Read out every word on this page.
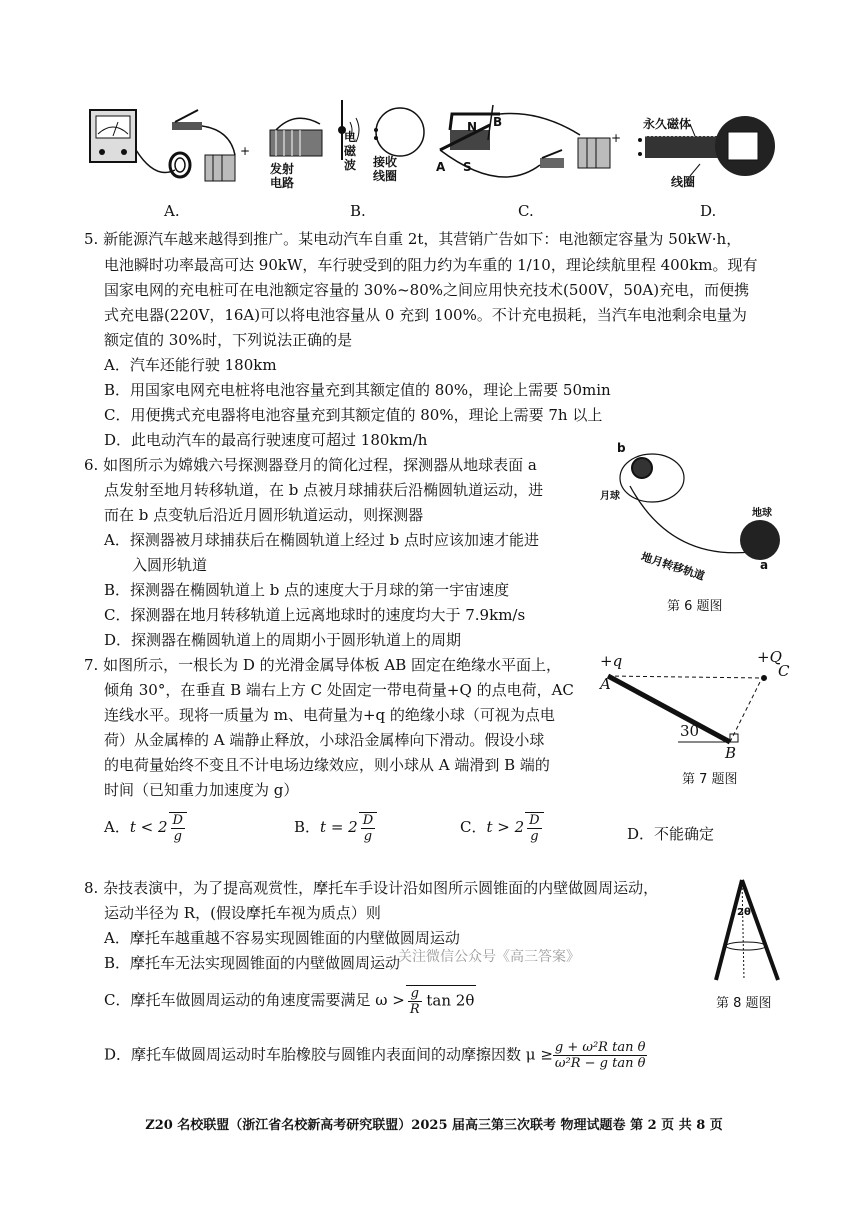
+
+
永久磁体
线圈
发射电路
电磁波 接收线圈
N B
A S
A.	B.	C.	D.
5. 新能源汽车越来越得到推广。某电动汽车自重 2t，其营销广告如下：电池额定容量为 50kW·h，
电池瞬时功率最高可达 90kW，车行驶受到的阻力约为车重的 1/10，理论续航里程 400km。现有
国家电网的充电桩可在电池额定容量的 30%~80%之间应用快充技术(500V，50A)充电，而便携
式充电器(220V，16A)可以将电池容量从 0 充到 100%。不计充电损耗，当汽车电池剩余电量为
额定值的 30%时，下列说法正确的是
A．汽车还能行驶 180km
B．用国家电网充电桩将电池容量充到其额定值的 80%，理论上需要 50min
C．用便携式充电器将电池容量充到其额定值的 80%，理论上需要 7h 以上
D．此电动汽车的最高行驶速度可超过 180km/h
6. 如图所示为嫦娥六号探测器登月的简化过程，探测器从地球表面 a
点发射至地月转移轨道，在 b 点被月球捕获后沿椭圆轨道运动，进
而在 b 点变轨后沿近月圆形轨道运动，则探测器
A．探测器被月球捕获后在椭圆轨道上经过 b 点时应该加速才能进
入圆形轨道
B．探测器在椭圆轨道上 b 点的速度大于月球的第一宇宙速度
C．探测器在地月转移轨道上远离地球时的速度均大于 7.9km/s
D．探测器在椭圆轨道上的周期小于圆形轨道上的周期
b
月球
地球
a
地月转移轨道
第 6 题图
7. 如图所示，一根长为 D 的光滑金属导体板 AB 固定在绝缘水平面上，
倾角 30°，在垂直 B 端右上方 C 处固定一带电荷量+Q 的点电荷，AC
连线水平。现将一质量为 m、电荷量为+q 的绝缘小球（可视为点电
荷）从金属棒的 A 端静止释放，小球沿金属棒向下滑动。假设小球
的电荷量始终不变且不计电场边缘效应，则小球从 A 端滑到 B 端的
时间（已知重力加速度为 g）
+q	+Q
C
A
B
30°
第 7 题图
A．$t < 2 \frac{D}{g}$	B．$t = 2 \frac{D}{g}$	C．$t > 2 \frac{D}{g}$	D．不能确定
8. 杂技表演中，为了提高观赏性，摩托车手设计沿如图所示圆锥面的内壁做圆周运动，
运动半径为 R，(假设摩托车视为质点）则
A．摩托车越重越不容易实现圆锥面的内壁做圆周运动
B．摩托车无法实现圆锥面的内壁做圆周运动
关注微信公众号《高三答案》
C．摩托车做圆周运动的角速度需要满足 $\omega > \frac{g}{R}$ tan 2θ
D．摩托车做圆周运动时车胎橡胶与圆锥内表面间的动摩擦因数 $\mu \ge \frac{\text{g + ω²R tan θ}}{\text{ω²R − g tan θ}}$
2θ
第 8 题图
Z20 名校联盟（浙江省名校新高考研究联盟）2025 届高三第三次联考 物理试题卷 第 2 页 共 8 页
